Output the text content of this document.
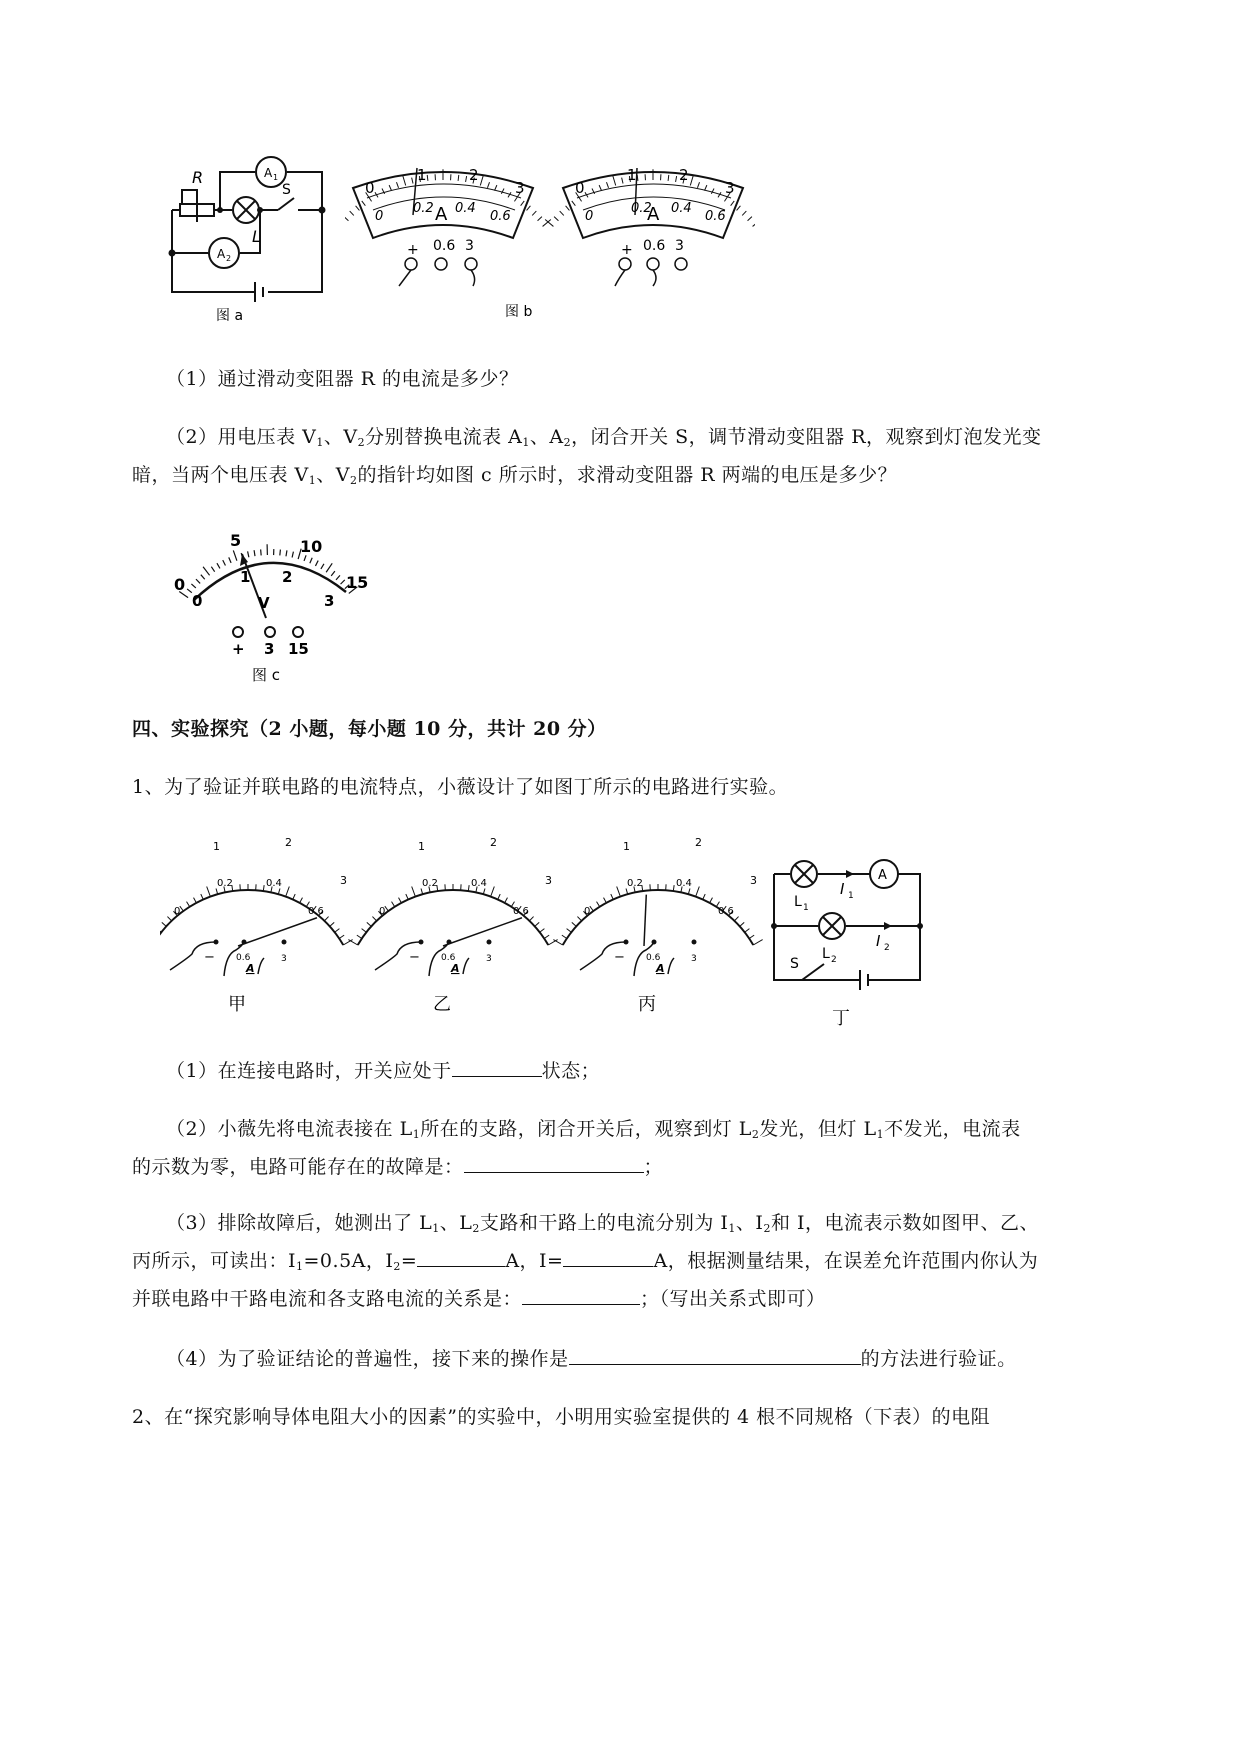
R	A 1
S
L
A 2
图 a
0
1	2
3
0
0.2 A 0.4
0.6
+ 0.6 3
0
1	2
3
0
0.2
A 0.4
0.6
+ 0.6 3
图 b
（1）通过滑动变阻器 R 的电流是多少？
（2）用电压表 $V_1$、$V_2$分别替换电流表 $A_1$、$A_2$，闭合开关 S，调节滑动变阻器 R，观察到灯泡发光变
暗，当两个电压表 $V_1$、$V_2$的指针均如图 c 所示时，求滑动变阻器 R 两端的电压是多少？
0
5	10
15
0
1 2
3
V
+ 3 15
图 c
四、实验探究（2 小题，每小题 10 分，共计 20 分）
1、为了验证并联电路的电流特点，小薇设计了如图丁所示的电路进行实验。
1	2
3
0
0.2	0.4
0.6
− 0.6
A
3
甲
1	2
3
0
0.2	0.4
0.6
− 0.6
A
3
乙
1	2
3
0
0.2	0.4
0.6
− 0.6
A
3
丙
A
L 1
I 1
L 2
I 2
S
丁
（1）在连接电路时，开关应处于	状态；
（2）小薇先将电流表接在 $L_1$所在的支路，闭合开关后，观察到灯 $L_2$发光，但灯 $L_1$不发光，电流表
的示数为零，电路可能存在的故障是：	；
（3）排除故障后，她测出了 $L_1$、$L_2$支路和干路上的电流分别为 $I_1$、$I_2$和 I，电流表示数如图甲、乙、
丙所示，可读出：$I_1=0.5A$，$I_2=$	A，I=	A，根据测量结果，在误差允许范围内你认为
并联电路中干路电流和各支路电流的关系是：	；（写出关系式即可）
（4）为了验证结论的普遍性，接下来的操作是	的方法进行验证。
2、在“探究影响导体电阻大小的因素”的实验中，小明用实验室提供的 4 根不同规格（下表）的电阻
